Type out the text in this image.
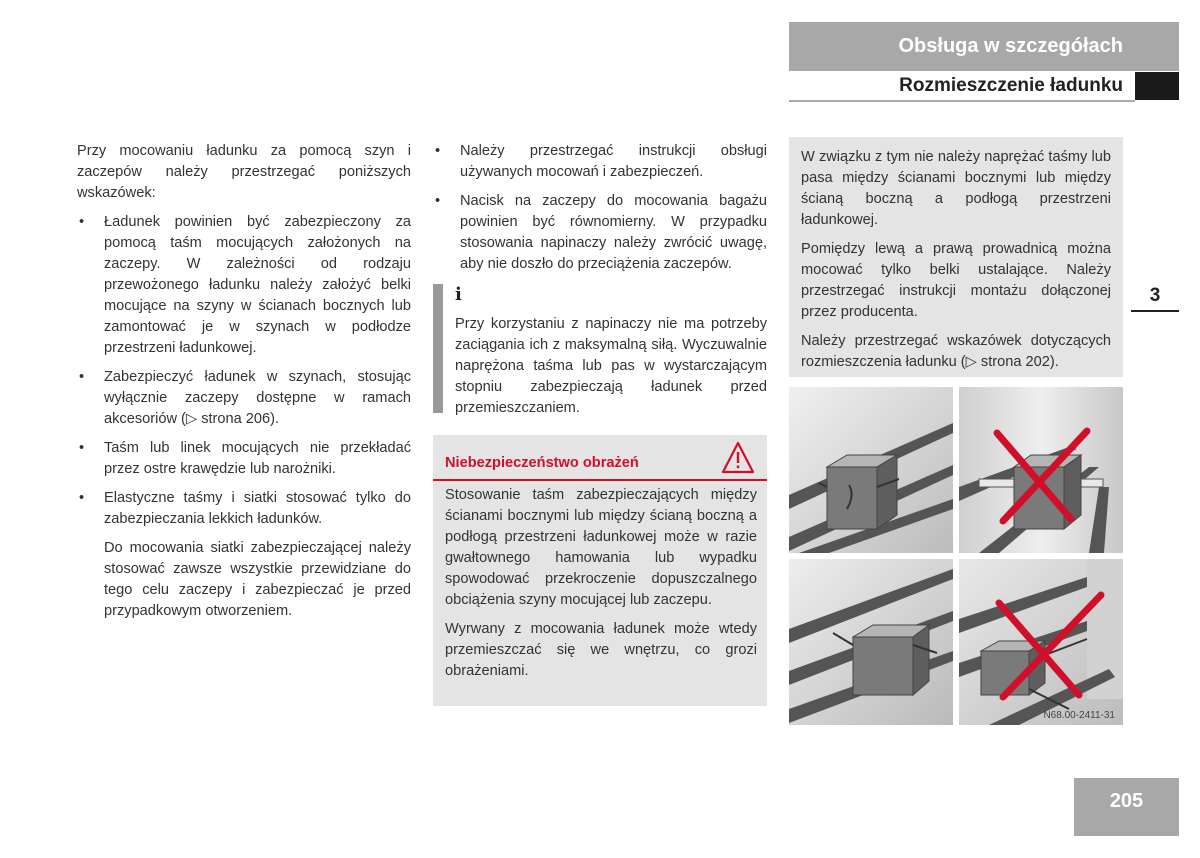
Obsługa w szczegółach
Rozmieszczenie ładunku

Przy mocowaniu ładunku za pomocą szyn i zaczepów należy przestrzegać poniższych wskazówek:

• Ładunek powinien być zabezpieczony za pomocą taśm mocujących założonych na zaczepy. W zależności od rodzaju przewożonego ładunku należy założyć belki mocujące na szyny w ścianach bocznych lub zamontować je w szynach w podłodze przestrzeni ładunkowej.
• Zabezpieczyć ładunek w szynach, stosując wyłącznie zaczepy dostępne w ramach akcesoriów (▷ strona 206).
• Taśm lub linek mocujących nie przekładać przez ostre krawędzie lub narożniki.
• Elastyczne taśmy i siatki stosować tylko do zabezpieczania lekkich ładunków.

Do mocowania siatki zabezpieczającej należy stosować zawsze wszystkie przewidziane do tego celu zaczepy i zabezpieczać je przed przypadkowym otworzeniem.

• Należy przestrzegać instrukcji obsługi używanych mocowań i zabezpieczeń.
• Nacisk na zaczepy do mocowania bagażu powinien być równomierny. W przypadku stosowania napinaczy należy zwrócić uwagę, aby nie doszło do przeciążenia zaczepów.
i

Przy korzystaniu z napinaczy nie ma potrzeby zaciągania ich z maksymalną siłą. Wyczuwalnie naprężona taśma lub pas w wystarczającym stopniu zabezpieczają ładunek przed przemieszczaniem.

Niebezpieczeństwo obrażeń

Stosowanie taśm zabezpieczających między ścianami bocznymi lub między ścianą boczną a podłogą przestrzeni ładunkowej może w razie gwałtownego hamowania lub wypadku spowodować przekroczenie dopuszczalnego obciążenia szyny mocującej lub zaczepu.

Wyrwany z mocowania ładunek może wtedy przemieszczać się we wnętrzu, co grozi obrażeniami.

W związku z tym nie należy naprężać taśmy lub pasa między ścianami bocznymi lub między ścianą boczną a podłogą przestrzeni ładunkowej.

Pomiędzy lewą a prawą prowadnicą można mocować tylko belki ustalające. Należy przestrzegać instrukcji montażu dołączonej przez producenta.

Należy przestrzegać wskazówek dotyczących rozmieszczenia ładunku (▷ strona 202).

N68.00-2411-31
3
205
